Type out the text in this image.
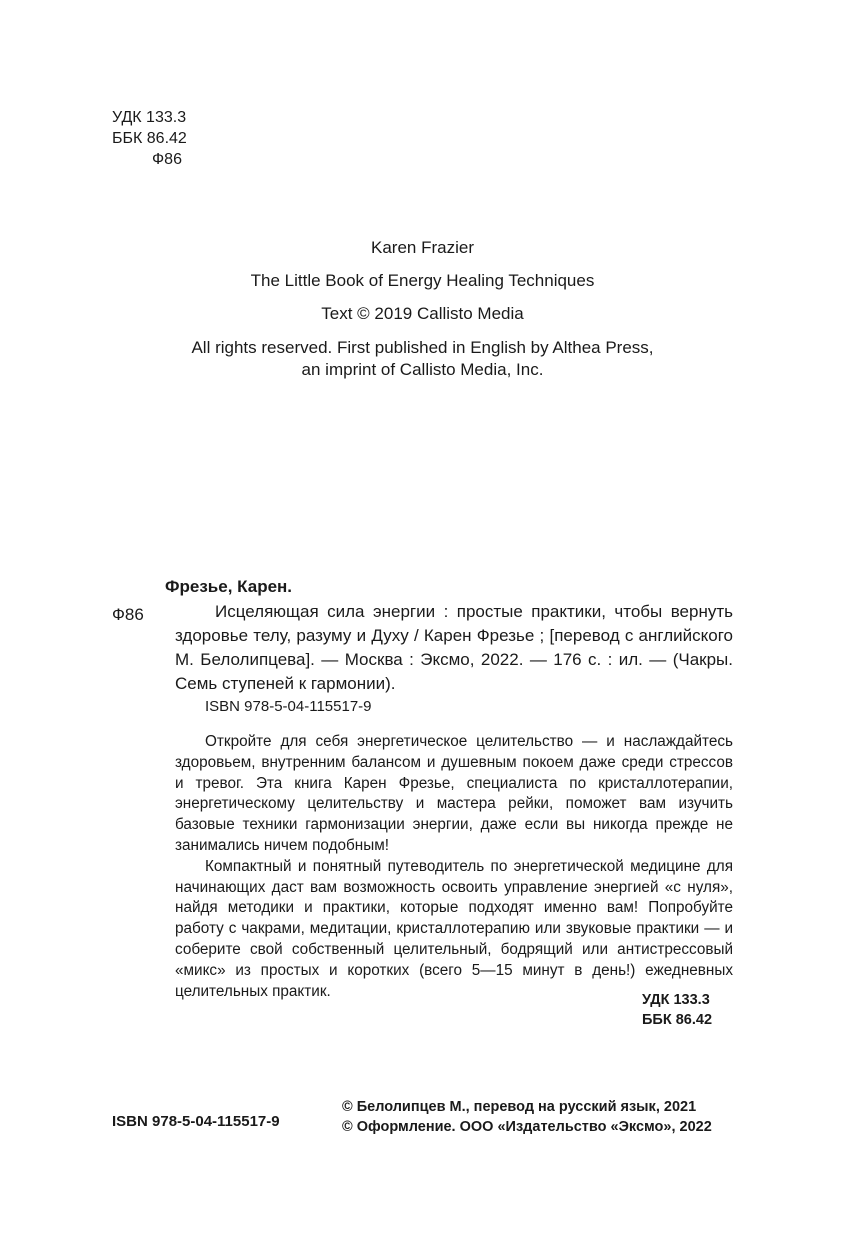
УДК 133.3
ББК 86.42
Ф86
Karen Frazier
The Little Book of Energy Healing Techniques
Text © 2019 Callisto Media
All rights reserved. First published in English by Althea Press,
an imprint of Callisto Media, Inc.
Фрезье, Карен.
Ф86	Исцеляющая сила энергии : простые практики, чтобы вернуть здоровье телу, разуму и Духу / Карен Фрезье ; [перевод с английского М. Белолипцева]. — Москва : Эксмо, 2022. — 176 с. : ил. — (Чакры. Семь ступеней к гармонии).
ISBN 978-5-04-115517-9

Откройте для себя энергетическое целительство — и наслаждайтесь здоровьем, внутренним балансом и душевным покоем даже среди стрессов и тревог. Эта книга Карен Фрезье, специалиста по кристаллотерапии, энергетическому целительству и мастера рейки, поможет вам изучить базовые техники гармонизации энергии, даже если вы никогда прежде не занимались ничем подобным!

Компактный и понятный путеводитель по энергетической медицине для начинающих даст вам возможность освоить управление энергией «с нуля», найдя методики и практики, которые подходят именно вам! Попробуйте работу с чакрами, медитации, кристаллотерапию или звуковые практики — и соберите свой собственный целительный, бодрящий или антистрессовый «микс» из простых и коротких (всего 5—15 минут в день!) ежедневных целительных практик.

УДК 133.3
ББК 86.42
© Белолипцев М., перевод на русский язык, 2021
© Оформление. ООО «Издательство «Эксмо», 2022
ISBN 978-5-04-115517-9
